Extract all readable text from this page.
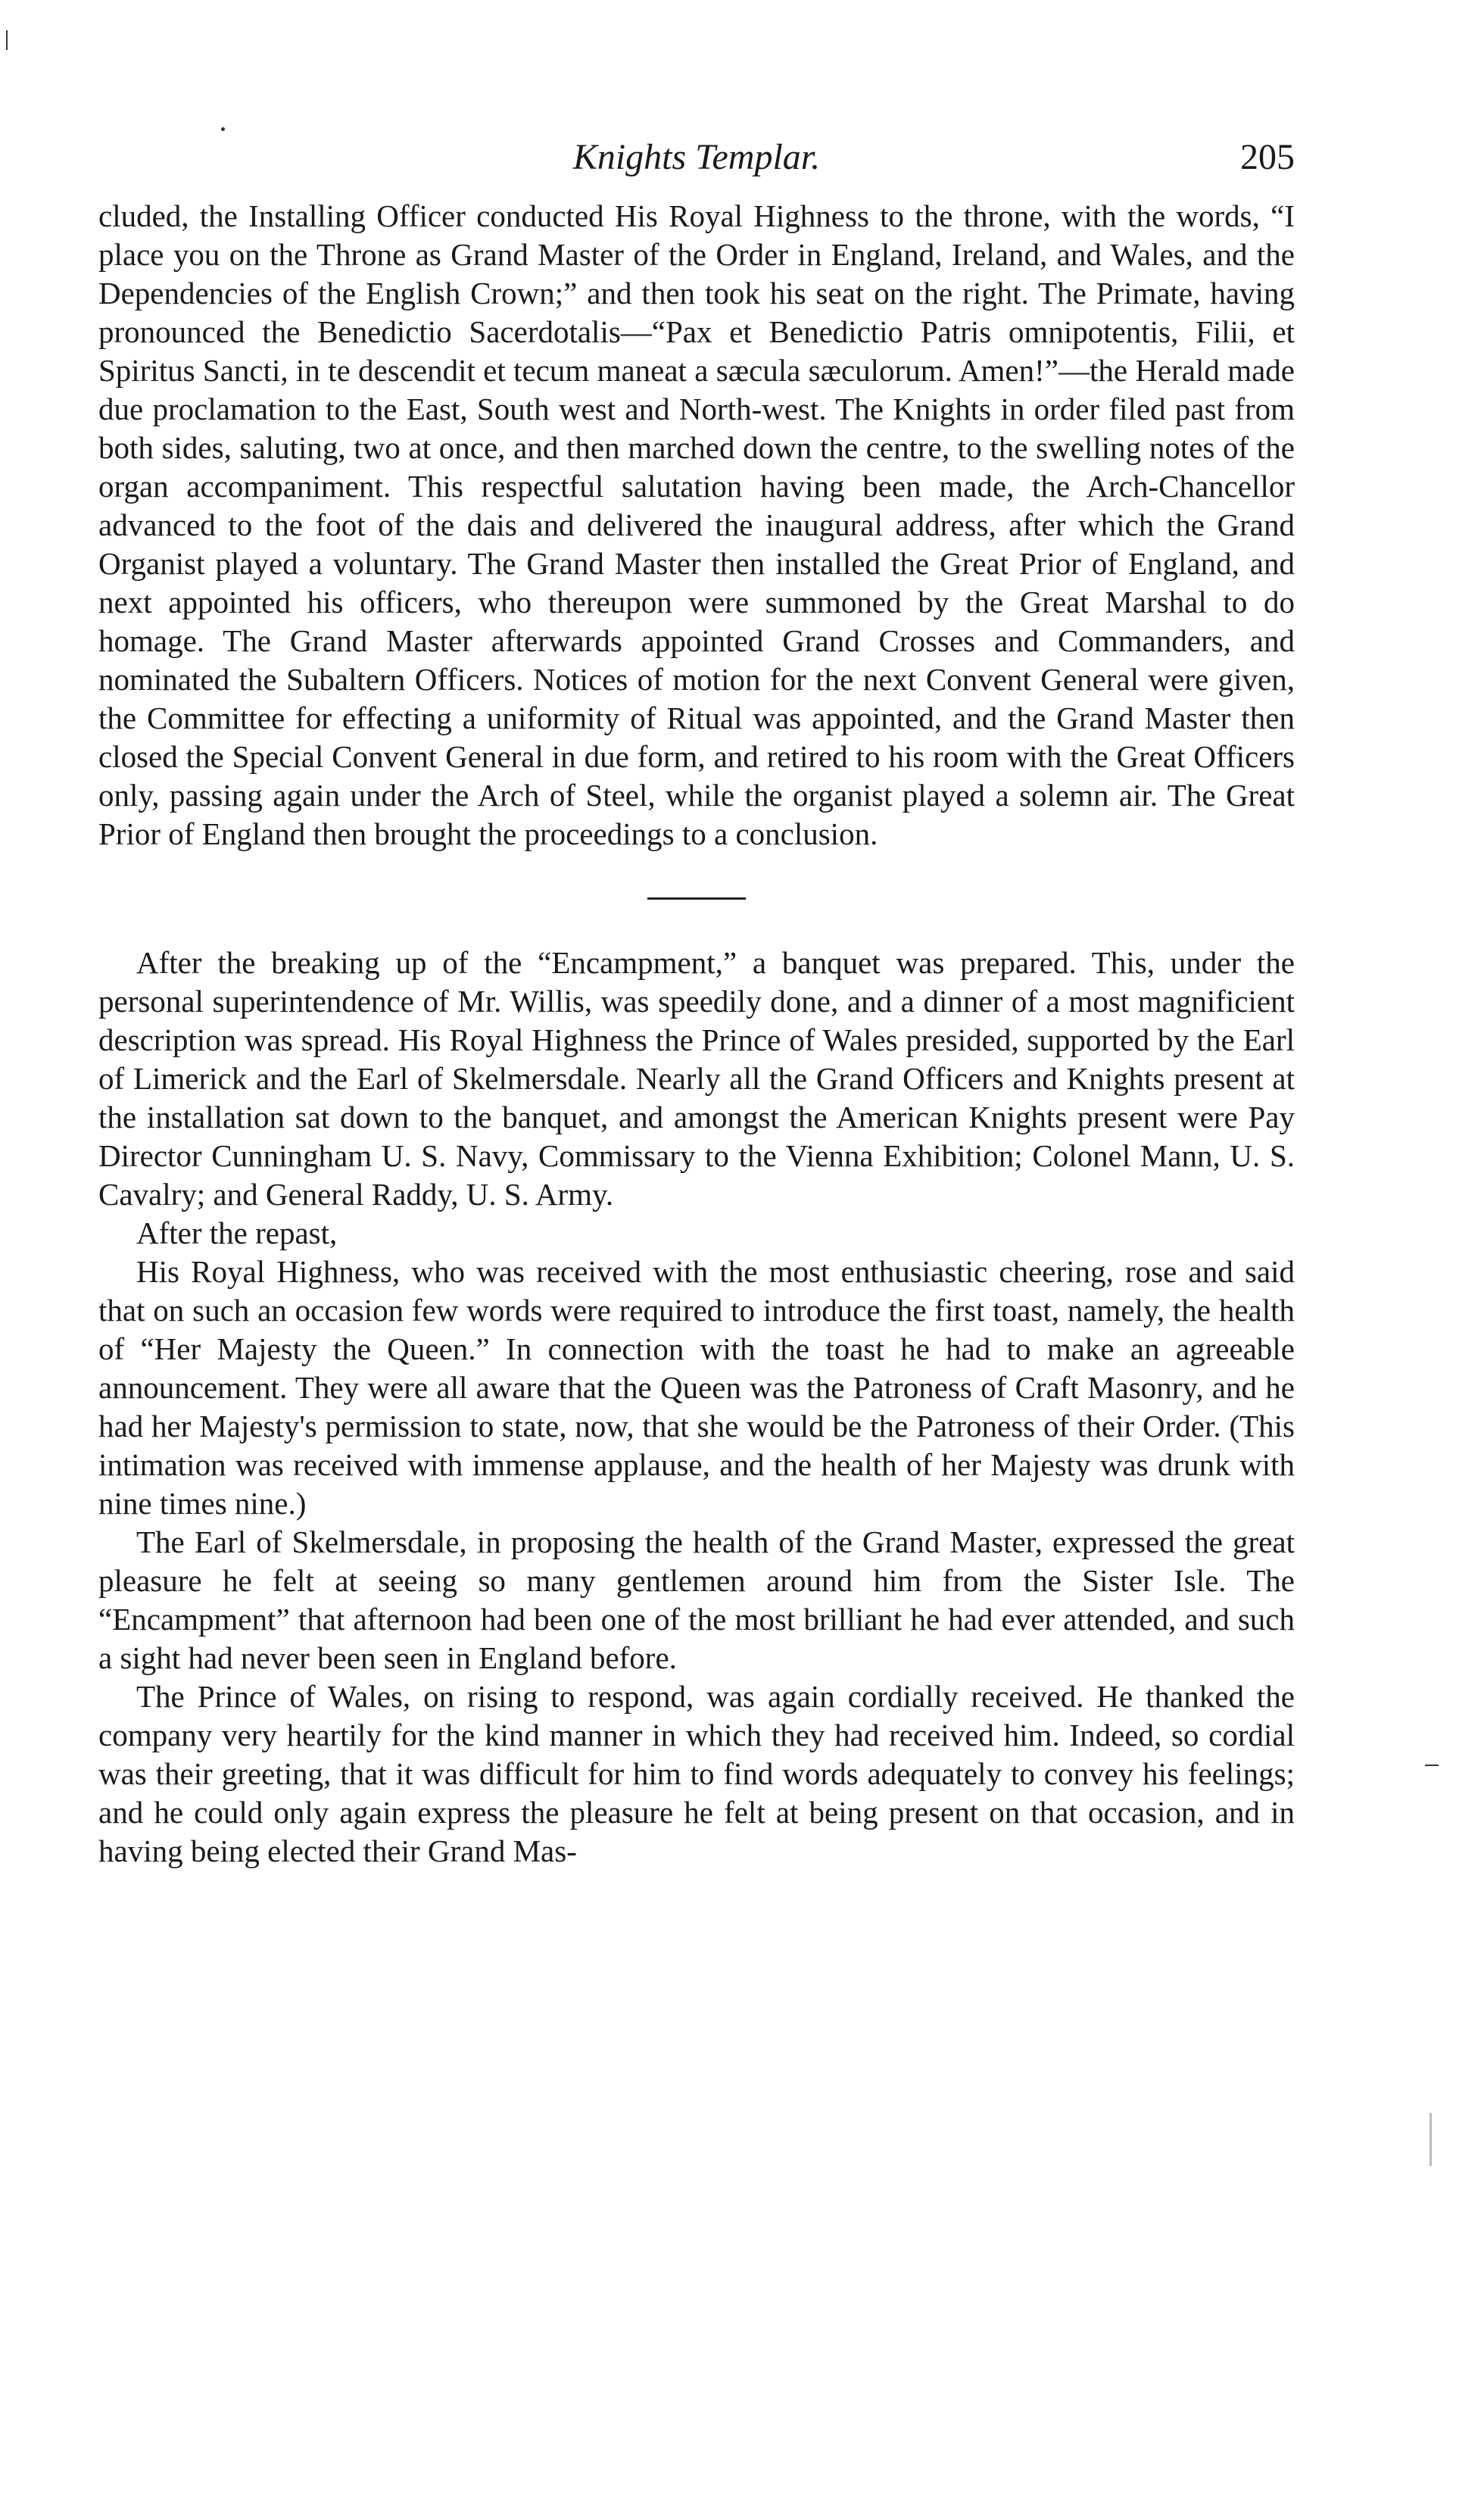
Knights Templar.	205

cluded, the Installing Officer conducted His Royal Highness to the throne, with the words, “I place you on the Throne as Grand Master of the Order in England, Ireland, and Wales, and the Dependencies of the English Crown;” and then took his seat on the right. The Primate, having pronounced the Benedictio Sacerdotalis—“Pax et Benedictio Patris omnipotentis, Filii, et Spiritus Sancti, in te descendit et tecum maneat a sæcula sæculorum. Amen!”—the Herald made due proclamation to the East, South west and North-west. The Knights in order filed past from both sides, saluting, two at once, and then marched down the centre, to the swelling notes of the organ accompaniment. This respectful salutation having been made, the Arch-Chancellor advanced to the foot of the dais and delivered the inaugural address, after which the Grand Organist played a voluntary. The Grand Master then installed the Great Prior of England, and next appointed his officers, who thereupon were summoned by the Great Marshal to do homage. The Grand Master afterwards appointed Grand Crosses and Commanders, and nominated the Subaltern Officers. Notices of motion for the next Convent General were given, the Committee for effecting a uniformity of Ritual was appointed, and the Grand Master then closed the Special Convent General in due form, and retired to his room with the Great Officers only, passing again under the Arch of Steel, while the organist played a solemn air. The Great Prior of England then brought the proceedings to a conclusion.

After the breaking up of the “Encampment,” a banquet was prepared. This, under the personal superintendence of Mr. Willis, was speedily done, and a dinner of a most magnificient description was spread. His Royal Highness the Prince of Wales presided, supported by the Earl of Limerick and the Earl of Skelmersdale. Nearly all the Grand Officers and Knights present at the installation sat down to the banquet, and amongst the American Knights present were Pay Director Cunningham U. S. Navy, Commissary to the Vienna Exhibition; Colonel Mann, U. S. Cavalry; and General Raddy, U. S. Army.

After the repast,

His Royal Highness, who was received with the most enthusiastic cheering, rose and said that on such an occasion few words were required to introduce the first toast, namely, the health of “Her Majesty the Queen.” In connection with the toast he had to make an agreeable announcement. They were all aware that the Queen was the Patroness of Craft Masonry, and he had her Majesty's permission to state, now, that she would be the Patroness of their Order. (This intimation was received with immense applause, and the health of her Majesty was drunk with nine times nine.)

The Earl of Skelmersdale, in proposing the health of the Grand Master, expressed the great pleasure he felt at seeing so many gentlemen around him from the Sister Isle. The “Encampment” that afternoon had been one of the most brilliant he had ever attended, and such a sight had never been seen in England before.

The Prince of Wales, on rising to respond, was again cordially received. He thanked the company very heartily for the kind manner in which they had received him. Indeed, so cordial was their greeting, that it was difficult for him to find words adequately to convey his feelings; and he could only again express the pleasure he felt at being present on that occasion, and in having being elected their Grand Mas-
